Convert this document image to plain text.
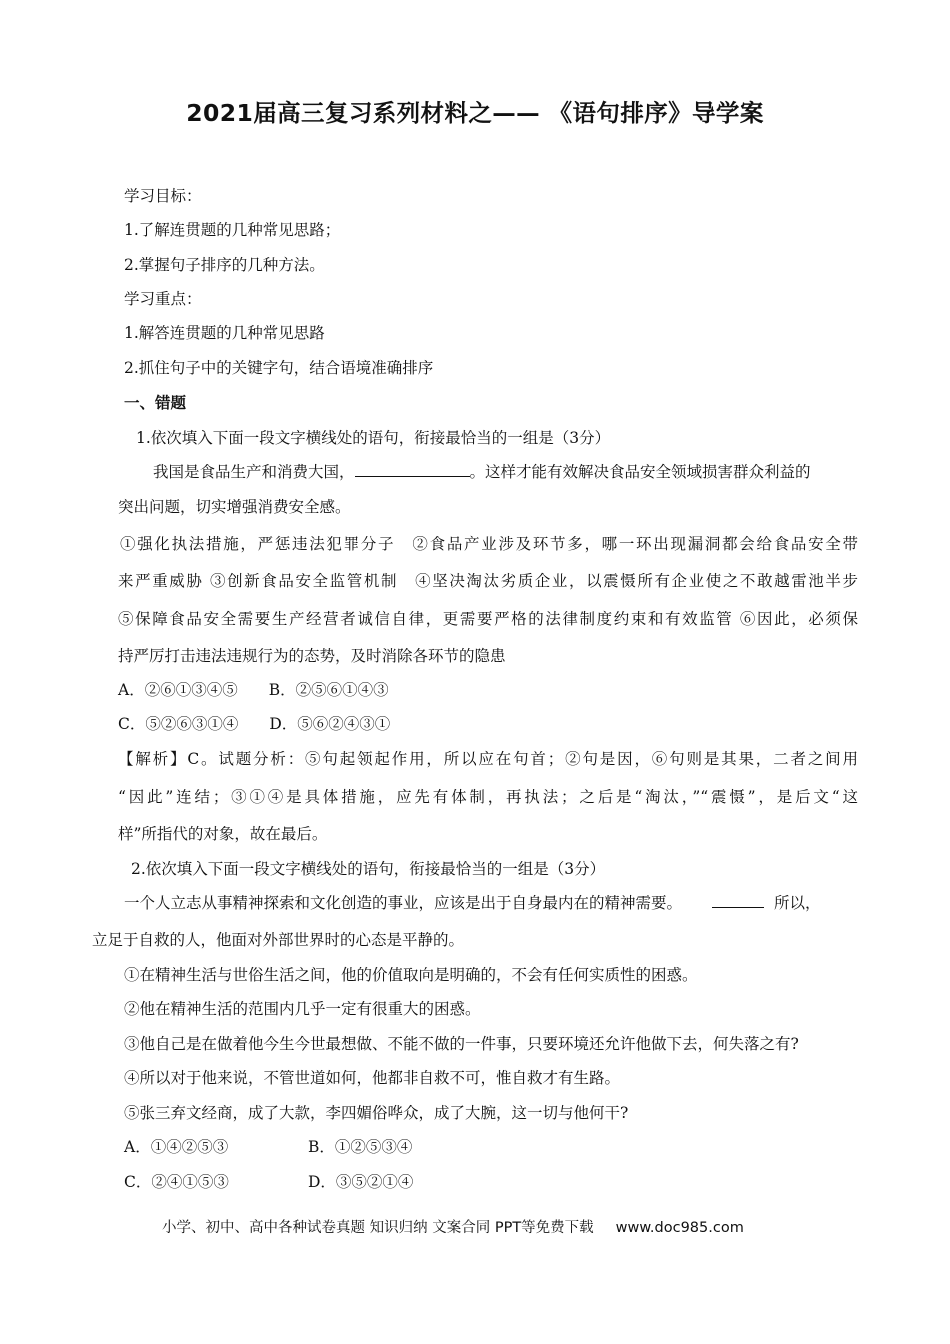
2021届高三复习系列材料之—— 《语句排序》导学案
学习目标：
1.了解连贯题的几种常见思路；
2.掌握句子排序的几种方法。
学习重点：
1.解答连贯题的几种常见思路
2.抓住句子中的关键字句，结合语境准确排序
一、错题
1.依次填入下面一段文字横线处的语句，衔接最恰当的一组是（3分）
我国是食品生产和消费大国，	。这样才能有效解决食品安全领域损害群众利益的
突出问题，切实增强消费安全感。
①强化执法措施，严惩违法犯罪分子　②食品产业涉及环节多，哪一环出现漏洞都会给食品安全带
来严重威胁 ③创新食品安全监管机制　④坚决淘汰劣质企业，以震慑所有企业使之不敢越雷池半步
⑤保障食品安全需要生产经营者诚信自律，更需要严格的法律制度约束和有效监管 ⑥因此，必须保
持严厉打击违法违规行为的态势，及时消除各环节的隐患
A．②⑥①③④⑤　　B．②⑤⑥①④③
C．⑤②⑥③①④　　D．⑤⑥②④③①
【解析】C。试题分析：⑤句起领起作用，所以应在句首；②句是因，⑥句则是其果，二者之间用
“因此”连结；③①④是具体措施，应先有体制，再执法；之后是“淘汰，”“震慑”，是后文“这
样”所指代的对象，故在最后。
2.依次填入下面一段文字横线处的语句，衔接最恰当的一组是（3分）
一个人立志从事精神探索和文化创造的事业，应该是出于自身最内在的精神需要。	所以，
立足于自救的人，他面对外部世界时的心态是平静的。
①在精神生活与世俗生活之间，他的价值取向是明确的，不会有任何实质性的困惑。
②他在精神生活的范围内几乎一定有很重大的困惑。
③他自己是在做着他今生今世最想做、不能不做的一件事，只要环境还允许他做下去，何失落之有?
④所以对于他来说，不管世道如何，他都非自救不可，惟自救才有生路。
⑤张三弃文经商，成了大款，李四媚俗哗众，成了大腕，这一切与他何干?
A．①④②⑤③	B．①②⑤③④
C．②④①⑤③	D．③⑤②①④
小学、初中、高中各种试卷真题 知识归纳 文案合同 PPT等免费下载 www.doc985.com
